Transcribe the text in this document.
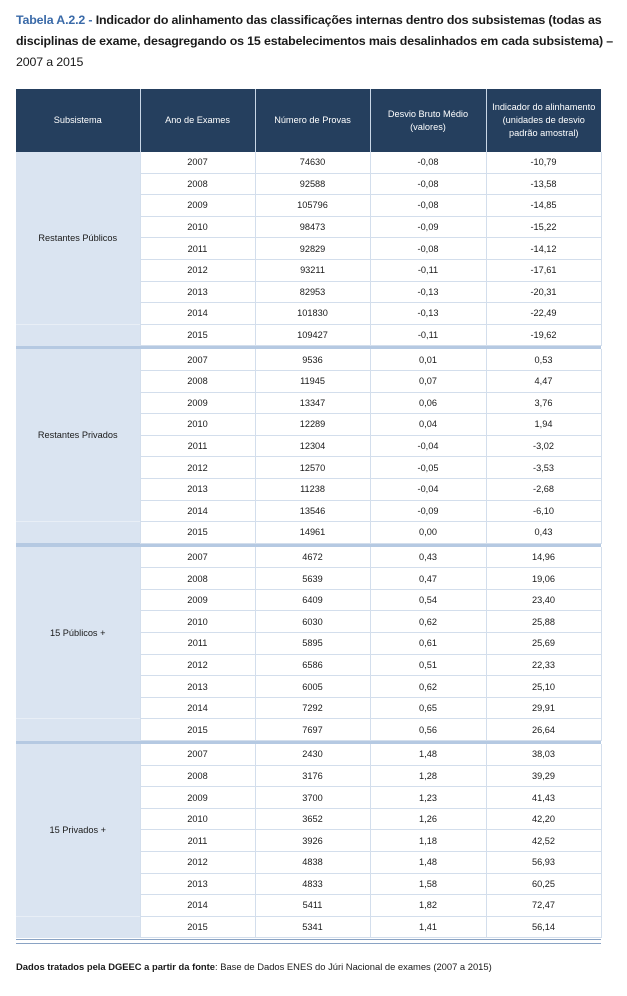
Tabela A.2.2 - Indicador do alinhamento das classificações internas dentro dos subsistemas (todas as disciplinas de exame, desagregando os 15 estabelecimentos mais desalinhados em cada subsistema) –
2007 a 2015
Subsistema	Ano de Exames	Número de Provas	Desvio Bruto Médio (valores)	Indicador do alinhamento (unidades de desvio padrão amostral)
Restantes Públicos	2007	74630	-0,08	-10,79
	2008	92588	-0,08	-13,58
	2009	105796	-0,08	-14,85
	2010	98473	-0,09	-15,22
	2011	92829	-0,08	-14,12
	2012	93211	-0,11	-17,61
	2013	82953	-0,13	-20,31
	2014	101830	-0,13	-22,49
	2015	109427	-0,11	-19,62

Restantes Privados	2007	9536	0,01	0,53
	2008	11945	0,07	4,47
	2009	13347	0,06	3,76
	2010	12289	0,04	1,94
	2011	12304	-0,04	-3,02
	2012	12570	-0,05	-3,53
	2013	11238	-0,04	-2,68
	2014	13546	-0,09	-6,10
	2015	14961	0,00	0,43

15 Públicos +	2007	4672	0,43	14,96
	2008	5639	0,47	19,06
	2009	6409	0,54	23,40
	2010	6030	0,62	25,88
	2011	5895	0,61	25,69
	2012	6586	0,51	22,33
	2013	6005	0,62	25,10
	2014	7292	0,65	29,91
	2015	7697	0,56	26,64

15 Privados +	2007	2430	1,48	38,03
	2008	3176	1,28	39,29
	2009	3700	1,23	41,43
	2010	3652	1,26	42,20
	2011	3926	1,18	42,52
	2012	4838	1,48	56,93
	2013	4833	1,58	60,25
	2014	5411	1,82	72,47
	2015	5341	1,41	56,14
Dados tratados pela DGEEC a partir da fonte: Base de Dados ENES do Júri Nacional de exames (2007 a 2015)
